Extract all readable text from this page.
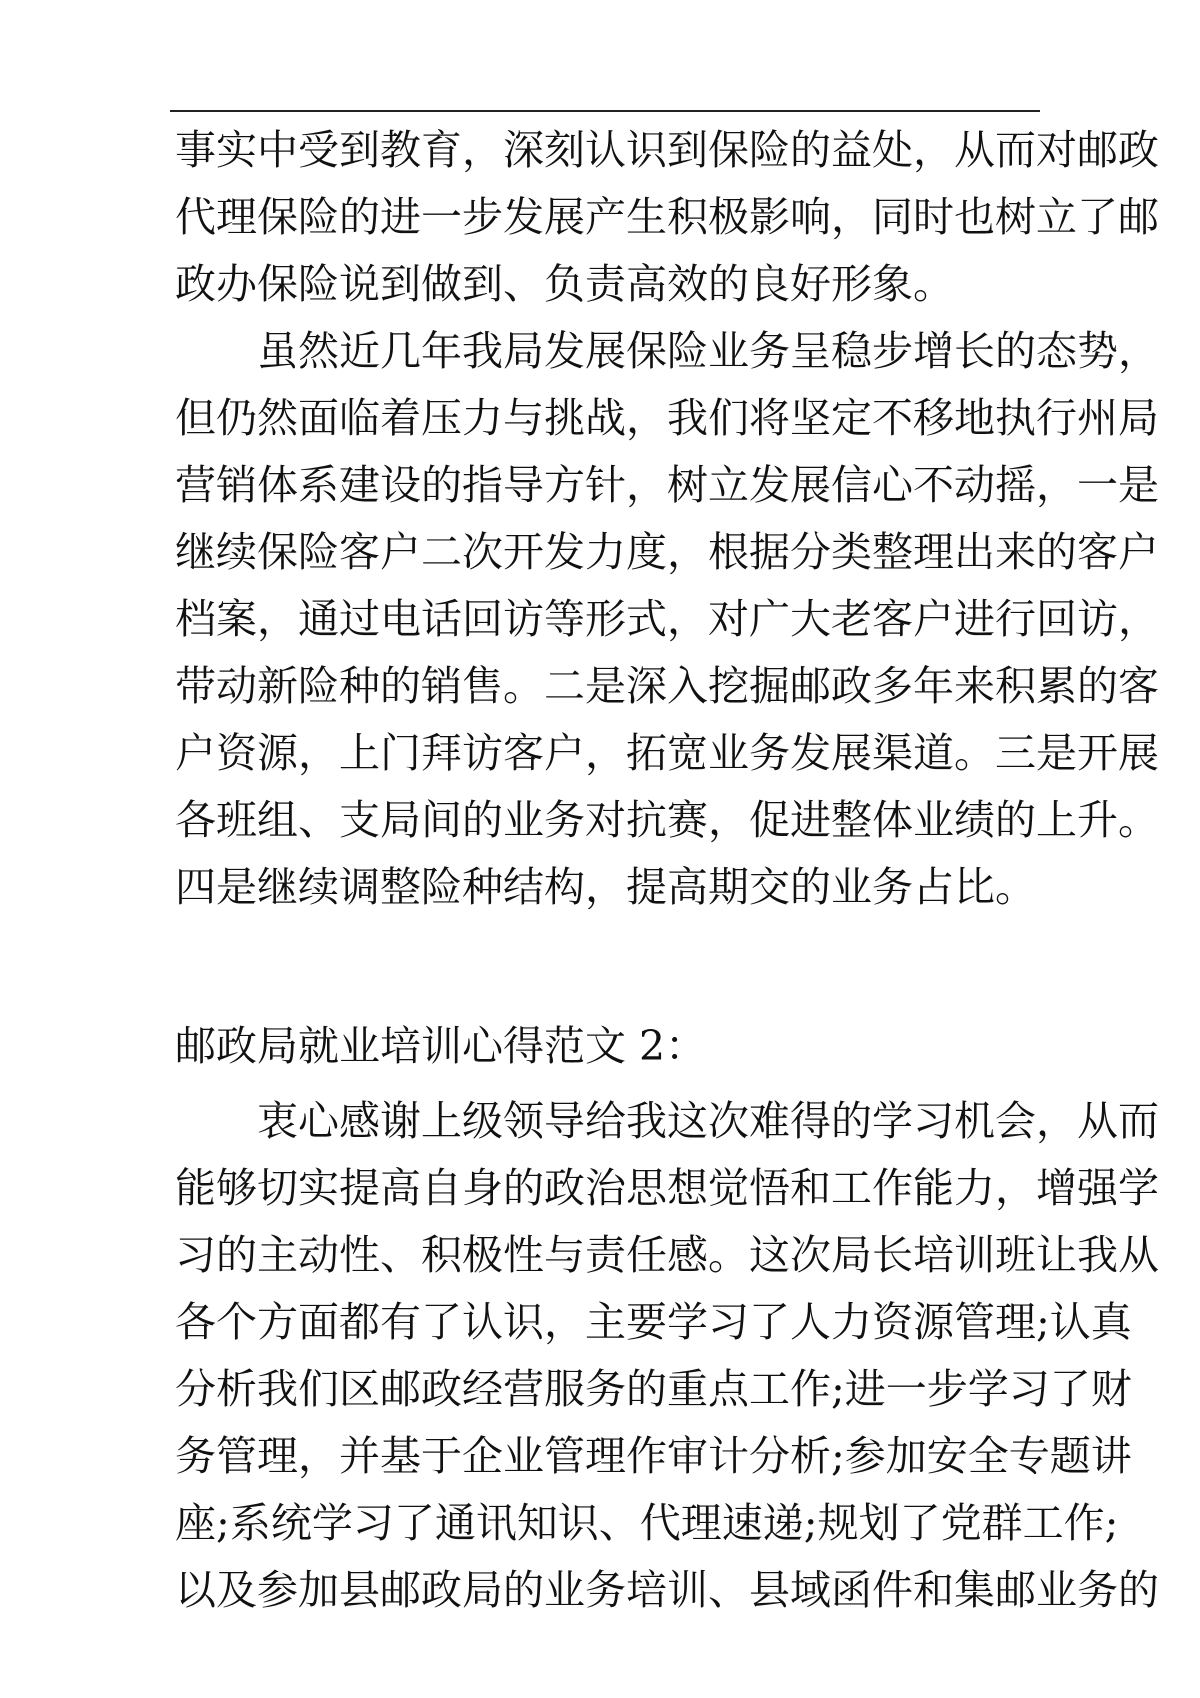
事实中受到教育，深刻认识到保险的益处，从而对邮政
代理保险的进一步发展产生积极影响，同时也树立了邮
政办保险说到做到、负责高效的良好形象。
虽然近几年我局发展保险业务呈稳步增长的态势，
但仍然面临着压力与挑战，我们将坚定不移地执行州局
营销体系建设的指导方针，树立发展信心不动摇，一是
继续保险客户二次开发力度，根据分类整理出来的客户
档案，通过电话回访等形式，对广大老客户进行回访，
带动新险种的销售。二是深入挖掘邮政多年来积累的客
户资源，上门拜访客户，拓宽业务发展渠道。三是开展
各班组、支局间的业务对抗赛，促进整体业绩的上升。
四是继续调整险种结构，提高期交的业务占比。
邮政局就业培训心得范文 2：
衷心感谢上级领导给我这次难得的学习机会，从而
能够切实提高自身的政治思想觉悟和工作能力，增强学
习的主动性、积极性与责任感。这次局长培训班让我从
各个方面都有了认识，主要学习了人力资源管理;认真
分析我们区邮政经营服务的重点工作;进一步学习了财
务管理，并基于企业管理作审计分析;参加安全专题讲
座;系统学习了通讯知识、代理速递;规划了党群工作;
以及参加县邮政局的业务培训、县域函件和集邮业务的
